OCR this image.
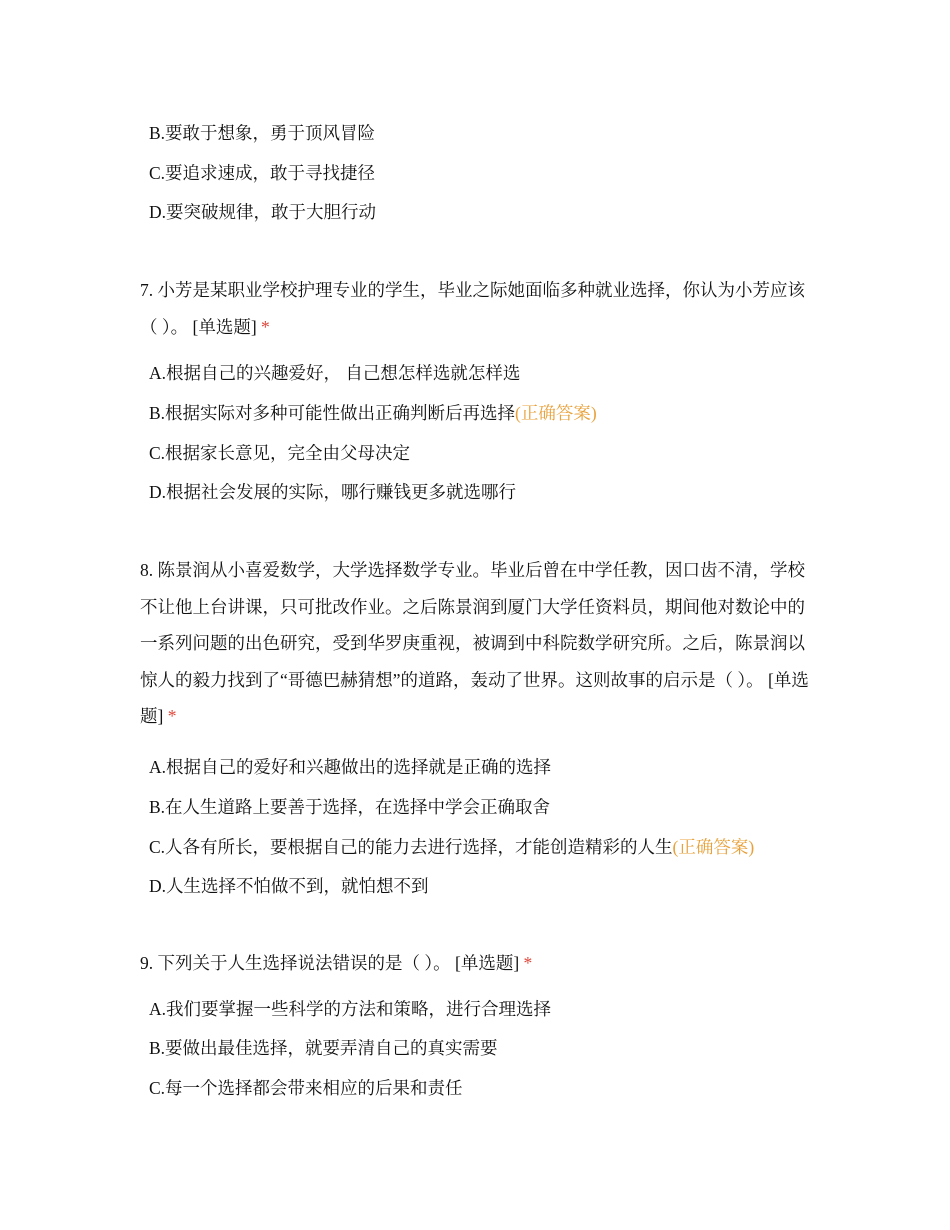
B.要敢于想象，勇于顶风冒险
C.要追求速成，敢于寻找捷径
D.要突破规律，敢于大胆行动
7. 小芳是某职业学校护理专业的学生，毕业之际她面临多种就业选择，你认为小芳应该（ ）。 [单选题] *
A.根据自己的兴趣爱好， 自己想怎样选就怎样选
B.根据实际对多种可能性做出正确判断后再选择(正确答案)
C.根据家长意见，完全由父母决定
D.根据社会发展的实际，哪行赚钱更多就选哪行
8. 陈景润从小喜爱数学，大学选择数学专业。毕业后曾在中学任教，因口齿不清，学校不让他上台讲课，只可批改作业。之后陈景润到厦门大学任资料员，期间他对数论中的一系列问题的出色研究，受到华罗庚重视，被调到中科院数学研究所。之后，陈景润以惊人的毅力找到了“哥德巴赫猜想”的道路，轰动了世界。这则故事的启示是（ ）。 [单选题] *
A.根据自己的爱好和兴趣做出的选择就是正确的选择
B.在人生道路上要善于选择，在选择中学会正确取舍
C.人各有所长，要根据自己的能力去进行选择，才能创造精彩的人生(正确答案)
D.人生选择不怕做不到，就怕想不到
9. 下列关于人生选择说法错误的是（ ）。 [单选题] *
A.我们要掌握一些科学的方法和策略，进行合理选择
B.要做出最佳选择，就要弄清自己的真实需要
C.每一个选择都会带来相应的后果和责任
